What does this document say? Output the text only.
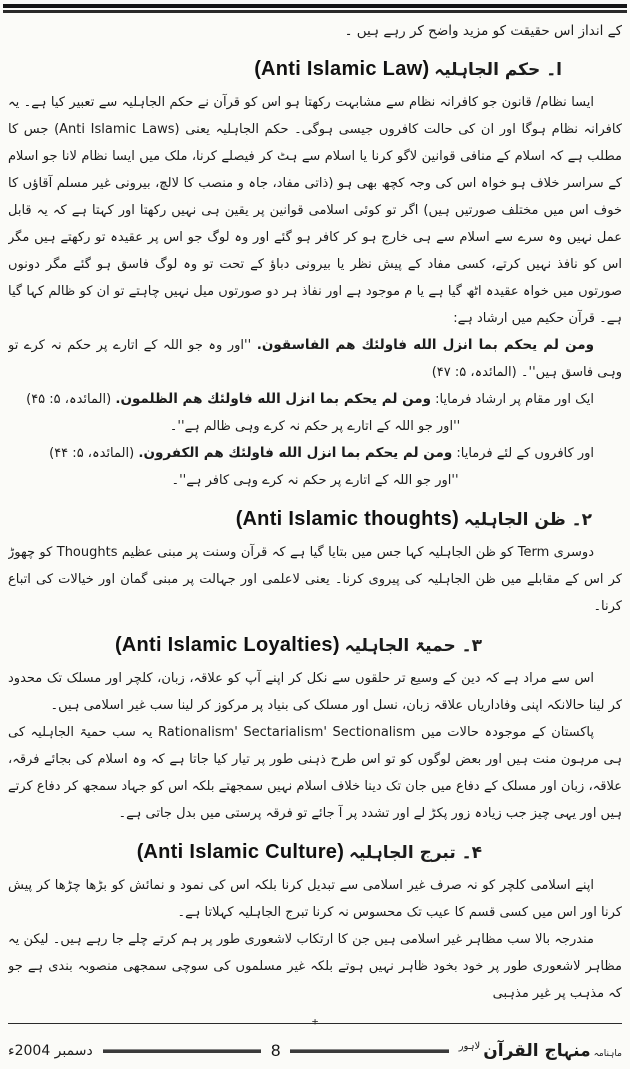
کے انداز اس حقیقت کو مزید واضح کر رہے ہیں ۔

ا۔ حکم الجاہلیہ (Anti Islamic Law)

ایسا نظام/ قانون جو کافرانہ نظام سے مشابہت رکھتا ہو اس کو قرآن نے حکم الجاہلیہ سے تعبیر کیا ہے۔ یہ کافرانہ نظام ہوگا اور ان کی حالت کافروں جیسی ہوگی۔ حکم الجاہلیہ یعنی (Anti Islamic Laws) جس کا مطلب ہے کہ اسلام کے منافی قوانین لاگو کرنا یا اسلام سے ہٹ کر فیصلے کرنا، ملک میں ایسا نظام لانا جو اسلام کے سراسر خلاف ہو خواہ اس کی وجہ کچھ بھی ہو (ذاتی مفاد، جاہ و منصب کا لالچ، بیرونی غیر مسلم آقاؤں کا خوف اس میں مختلف صورتیں ہیں) اگر تو کوئی اسلامی قوانین پر یقین ہی نہیں رکھتا اور کہتا ہے کہ یہ قابل عمل نہیں وہ سرے سے اسلام سے ہی خارج ہو کر کافر ہو گئے اور وہ لوگ جو اس پر عقیدہ تو رکھتے ہیں مگر اس کو نافذ نہیں کرتے، کسی مفاد کے پیش نظر یا بیرونی دباؤ کے تحت تو وہ لوگ فاسق ہو گئے مگر دونوں صورتوں میں خواہ عقیدہ اٹھ گیا ہے یا م موجود ہے اور نفاذ ہر دو صورتوں میل نہیں چاہتے تو ان کو ظالم کہا گیا ہے۔ قرآن حکیم میں ارشاد ہے:

ومن لم يحكم بما انزل الله فاولئك هم الفاسقون. ''اور وہ جو اللہ کے اتارے پر حکم نہ کرے تو وہی فاسق ہیں''۔ (المائدہ، ۵: ۴۷)

ایک اور مقام پر ارشاد فرمایا: ومن لم يحكم بما انزل الله فاولئك هم الظلمون. (المائدہ، ۵: ۴۵)

''اور جو اللہ کے اتارے پر حکم نہ کرے وہی ظالم ہے''۔

اور کافروں کے لئے فرمایا: ومن لم يحكم بما انزل الله فاولئك هم الكفرون. (المائدہ، ۵: ۴۴)

''اور جو اللہ کے اتارے پر حکم نہ کرے وہی کافر ہے''۔

۲۔ ظن الجاہلیہ (Anti Islamic thoughts)

دوسری Term کو ظن الجاہلیہ کہا جس میں بتایا گیا ہے کہ قرآن وسنت پر مبنی عظیم Thoughts کو چھوڑ کر اس کے مقابلے میں ظن الجاہلیہ کی پیروی کرنا۔ یعنی لاعلمی اور جہالت پر مبنی گمان اور خیالات کی اتباع کرنا۔

۳۔ حمیۃ الجاہلیہ (Anti Islamic Loyalties)

اس سے مراد ہے کہ دین کے وسیع تر حلقوں سے نکل کر اپنے آپ کو علاقہ، زبان، کلچر اور مسلک تک محدود کر لینا حالانکہ اپنی وفاداریاں علاقہ زبان، نسل اور مسلک کی بنیاد پر مرکوز کر لینا سب غیر اسلامی ہیں۔

پاکستان کے موجودہ حالات میں Rationalism' Sectarialism' Sectionalism یہ سب حمیۃ الجاہلیہ کی ہی مرہون منت ہیں اور بعض لوگوں کو تو اس طرح ذہنی طور پر تیار کیا جاتا ہے کہ وہ اسلام کی بجائے فرقہ، علاقہ، زبان اور مسلک کے دفاع میں جان تک دینا خلاف اسلام نہیں سمجھتے بلکہ اس کو جہاد سمجھ کر دفاع کرتے ہیں اور یہی چیز جب زیادہ زور پکڑ لے اور تشدد پر آ جائے تو فرقہ پرستی میں بدل جاتی ہے۔

۴۔ تبرج الجاہلیہ (Anti Islamic Culture)

اپنے اسلامی کلچر کو نہ صرف غیر اسلامی سے تبدیل کرنا بلکہ اس کی نمود و نمائش کو بڑھا چڑھا کر پیش کرنا اور اس میں کسی قسم کا عیب تک محسوس نہ کرنا تبرج الجاہلیہ کہلاتا ہے۔

مندرجہ بالا سب مظاہر غیر اسلامی ہیں جن کا ارتکاب لاشعوری طور پر ہم کرتے چلے جا رہے ہیں۔ لیکن یہ مظاہر لاشعوری طور پر خود بخود ظاہر نہیں ہوتے بلکہ غیر مسلموں کی سوچی سمجھی منصوبہ بندی ہے جو کہ مذہب پر غیر مذہبی

+
ماہنامہ
منہاج القرآن
لاہور
8
دسمبر 2004ء
